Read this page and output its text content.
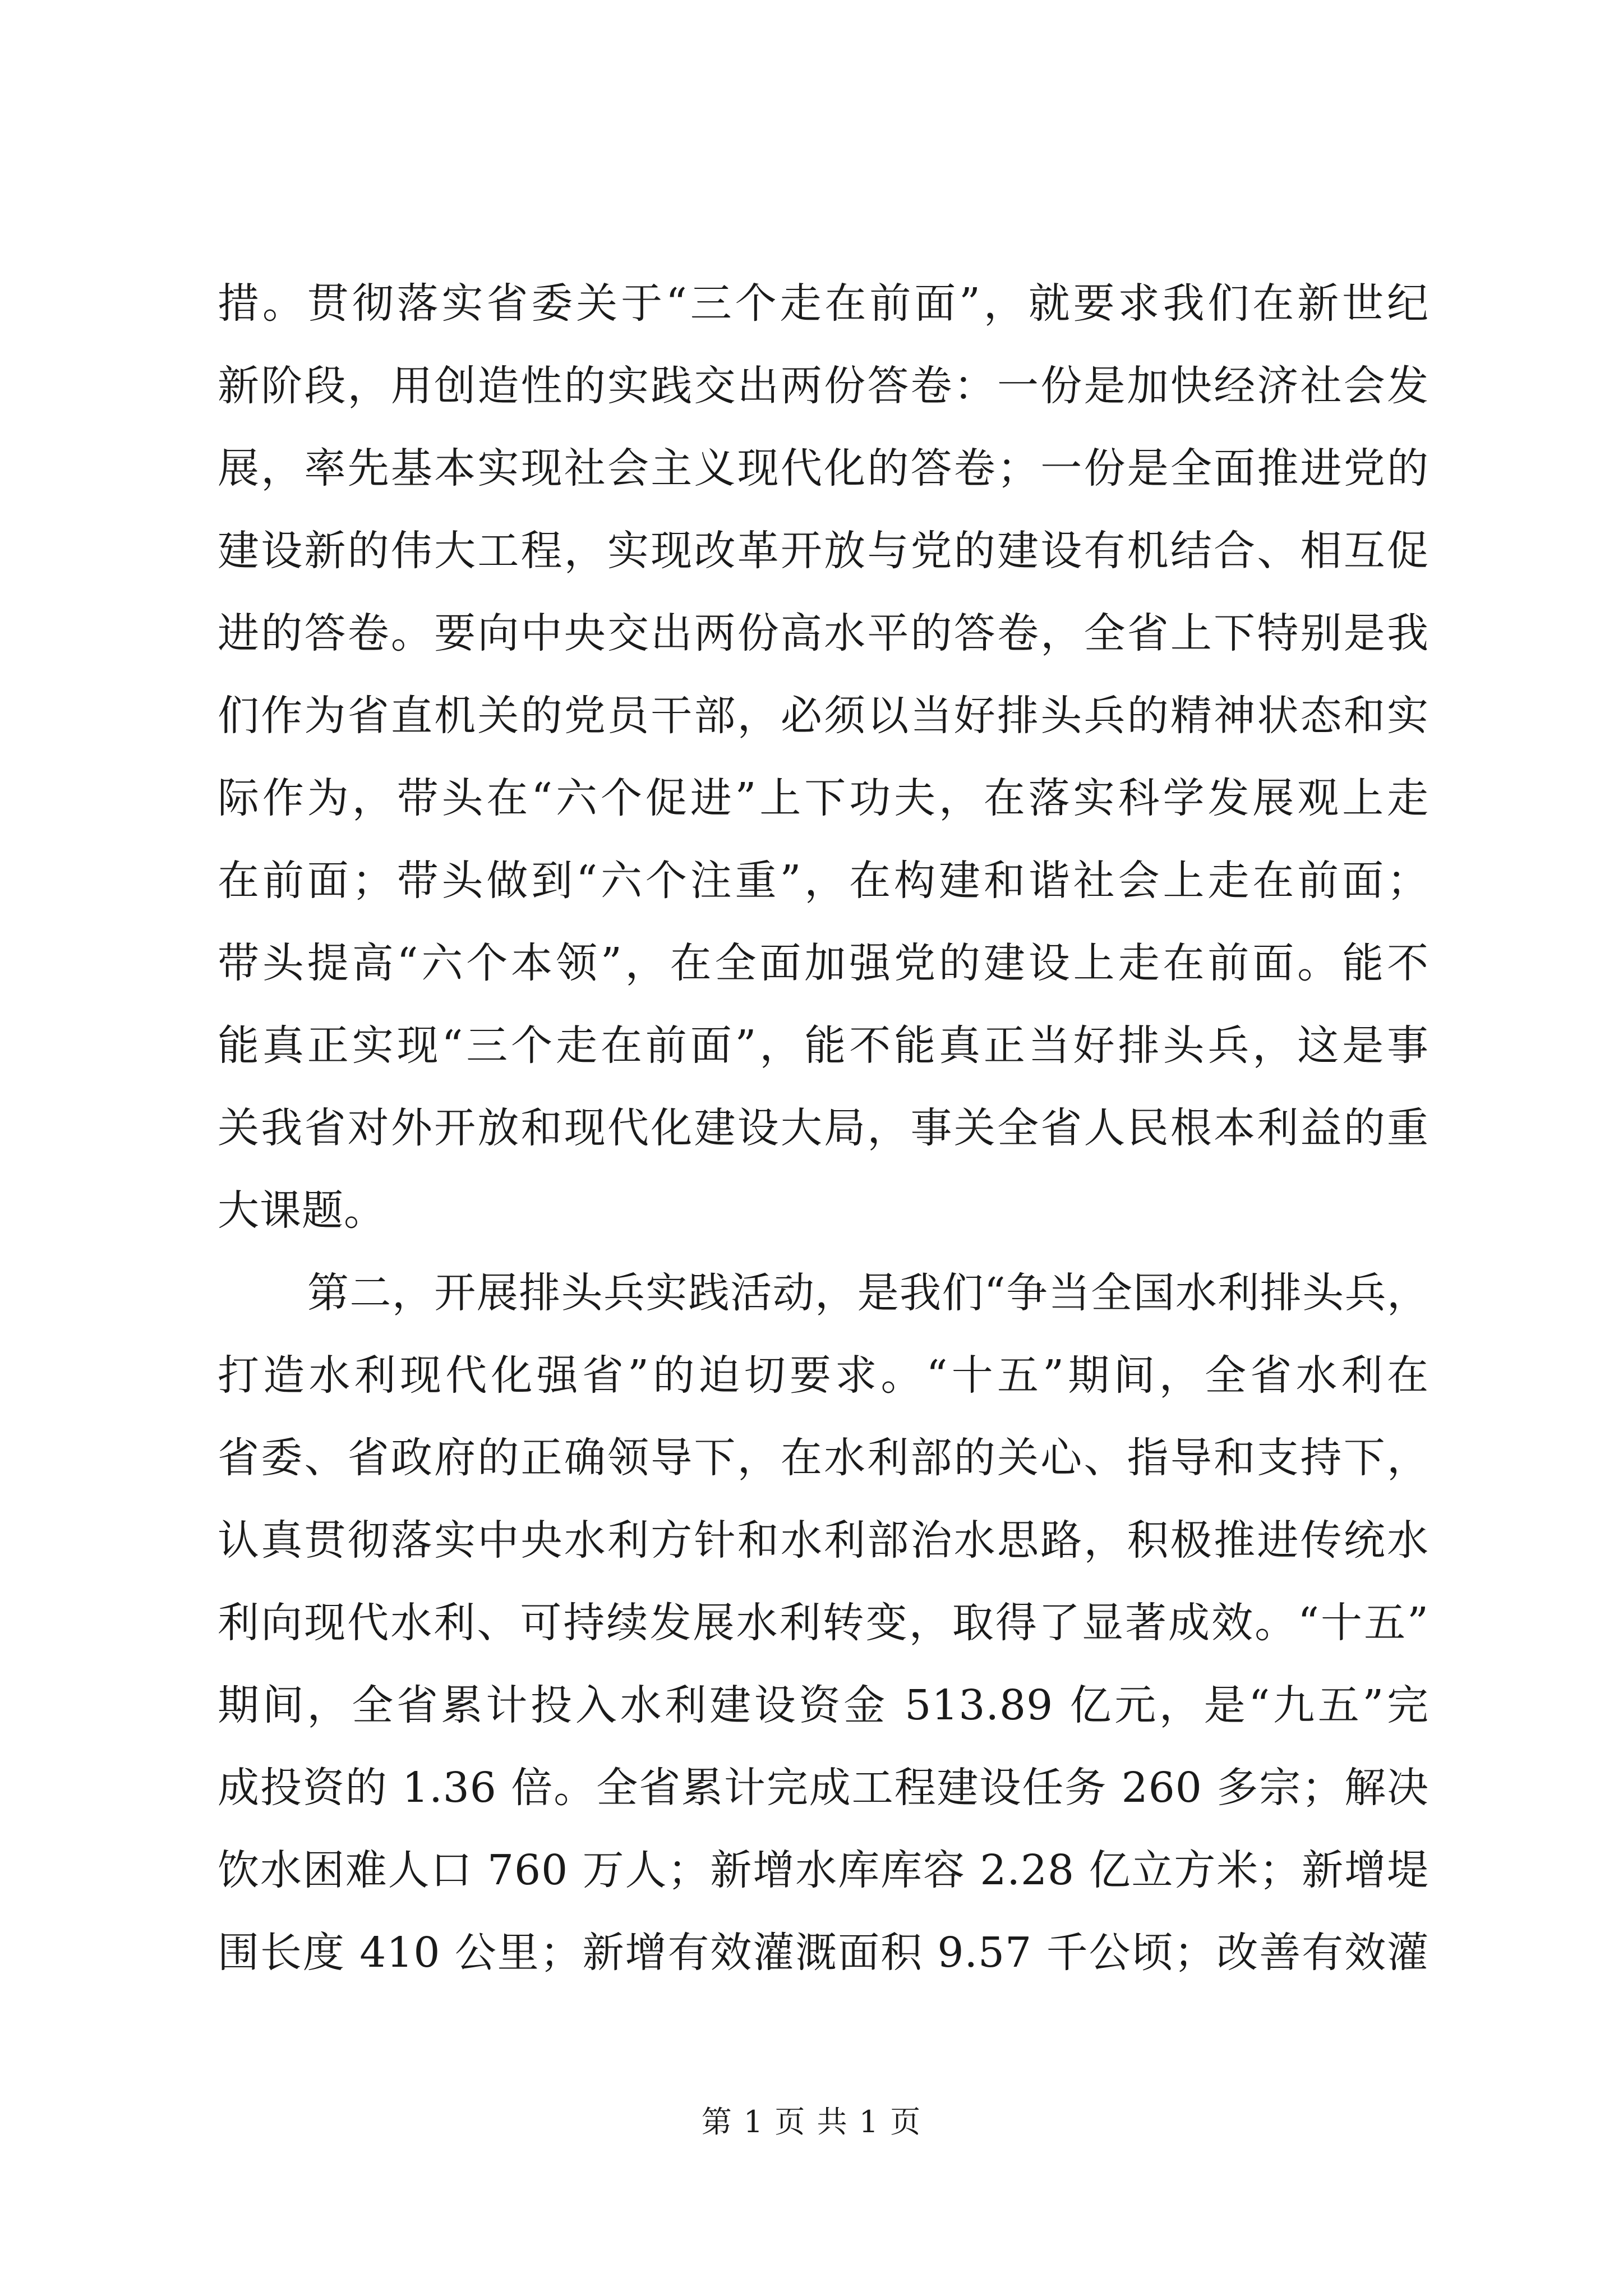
措。贯彻落实省委关于“三个走在前面”，就要求我们在新世纪
新阶段，用创造性的实践交出两份答卷：一份是加快经济社会发
展，率先基本实现社会主义现代化的答卷；一份是全面推进党的
建设新的伟大工程，实现改革开放与党的建设有机结合、相互促
进的答卷。要向中央交出两份高水平的答卷，全省上下特别是我
们作为省直机关的党员干部，必须以当好排头兵的精神状态和实
际作为，带头在“六个促进”上下功夫，在落实科学发展观上走
在前面；带头做到“六个注重”，在构建和谐社会上走在前面；
带头提高“六个本领”，在全面加强党的建设上走在前面。能不
能真正实现“三个走在前面”，能不能真正当好排头兵，这是事
关我省对外开放和现代化建设大局，事关全省人民根本利益的重
大课题。
第二，开展排头兵实践活动，是我们“争当全国水利排头兵，
打造水利现代化强省”的迫切要求。“十五”期间，全省水利在
省委、省政府的正确领导下，在水利部的关心、指导和支持下，
认真贯彻落实中央水利方针和水利部治水思路，积极推进传统水
利向现代水利、可持续发展水利转变，取得了显著成效。“十五”
期间，全省累计投入水利建设资金 513.89 亿元，是“九五”完
成投资的 1.36 倍。全省累计完成工程建设任务 260 多宗；解决
饮水困难人口 760 万人；新增水库库容 2.28 亿立方米；新增堤
围长度 410 公里；新增有效灌溉面积 9.57 千公顷；改善有效灌
第 1 页 共 1 页
